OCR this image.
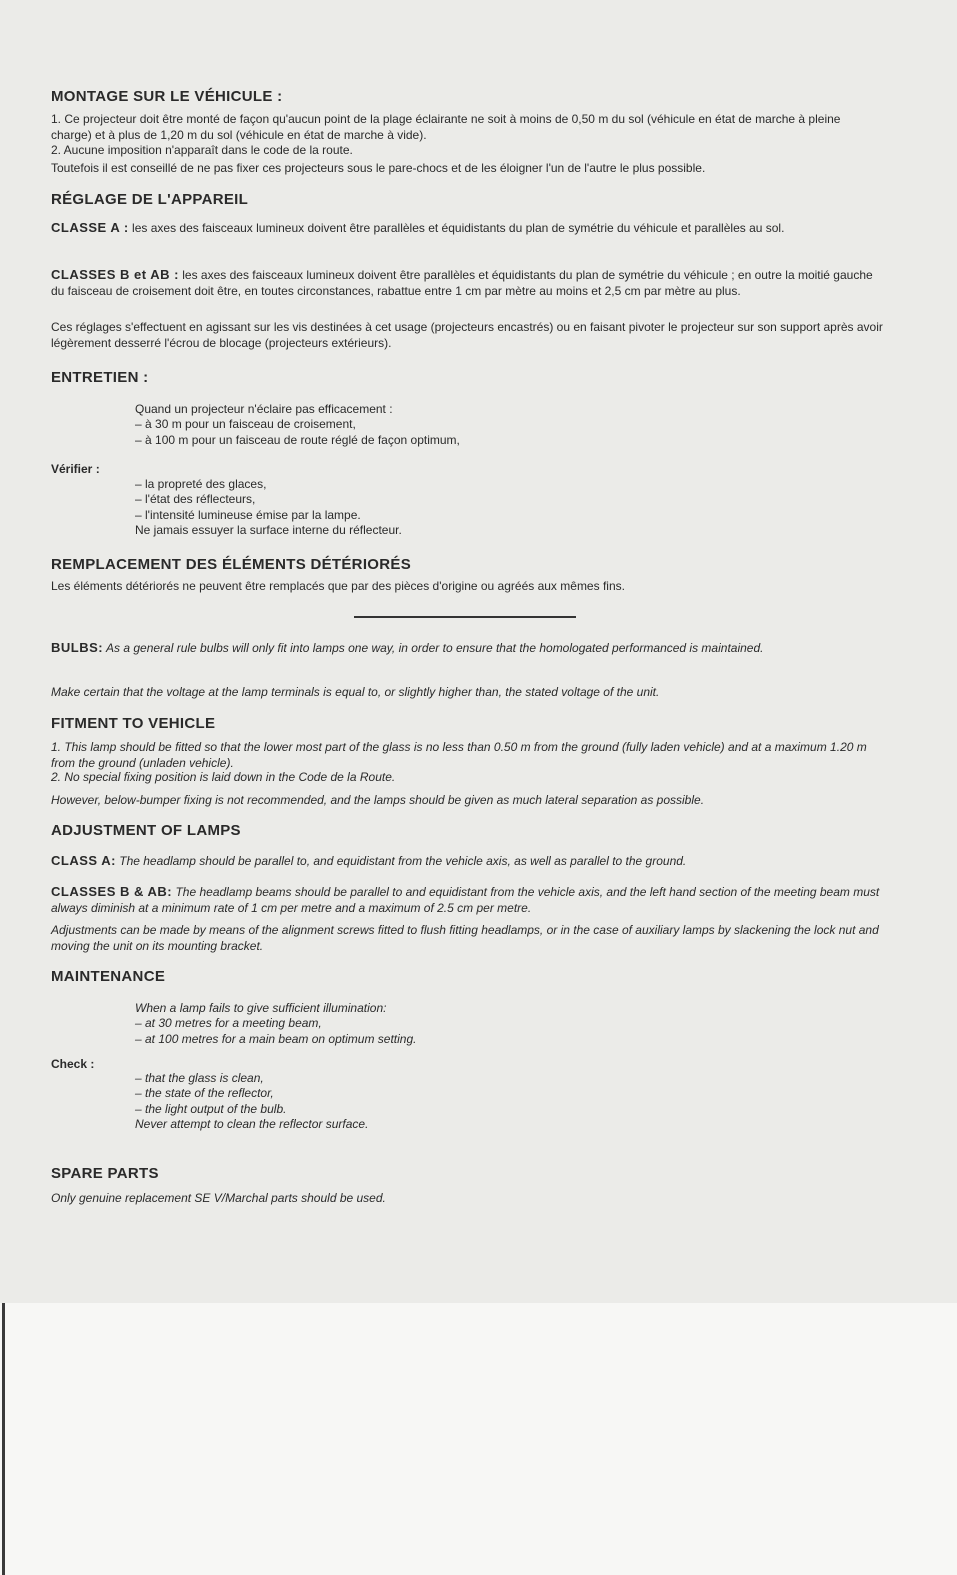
MONTAGE SUR LE VÉHICULE :

1. Ce projecteur doit être monté de façon qu'aucun point de la plage éclairante ne soit à moins de 0,50 m du sol (véhicule en état de marche à pleine charge) et à plus de 1,20 m du sol (véhicule en état de marche à vide).

2. Aucune imposition n'apparaît dans le code de la route.

Toutefois il est conseillé de ne pas fixer ces projecteurs sous le pare-chocs et de les éloigner l'un de l'autre le plus possible.

RÉGLAGE DE L'APPAREIL

CLASSE A : les axes des faisceaux lumineux doivent être parallèles et équidistants du plan de symétrie du véhicule et parallèles au sol.

CLASSES B et AB : les axes des faisceaux lumineux doivent être parallèles et équidistants du plan de symétrie du véhicule ; en outre la moitié gauche du faisceau de croisement doit être, en toutes circonstances, rabattue entre 1 cm par mètre au moins et 2,5 cm par mètre au plus.

Ces réglages s'effectuent en agissant sur les vis destinées à cet usage (projecteurs encastrés) ou en faisant pivoter le projecteur sur son support après avoir légèrement desserré l'écrou de blocage (projecteurs extérieurs).

ENTRETIEN :
Quand un projecteur n'éclaire pas efficacement :
– à 30 m pour un faisceau de croisement,
– à 100 m pour un faisceau de route réglé de façon optimum,
Vérifier :
– la propreté des glaces,
– l'état des réflecteurs,
– l'intensité lumineuse émise par la lampe.
Ne jamais essuyer la surface interne du réflecteur.
REMPLACEMENT DES ÉLÉMENTS DÉTÉRIORÉS

Les éléments détériorés ne peuvent être remplacés que par des pièces d'origine ou agréés aux mêmes fins.

BULBS: As a general rule bulbs will only fit into lamps one way, in order to ensure that the homologated performanced is maintained.

Make certain that the voltage at the lamp terminals is equal to, or slightly higher than, the stated voltage of the unit.

FITMENT TO VEHICLE

1. This lamp should be fitted so that the lower most part of the glass is no less than 0.50 m from the ground (fully laden vehicle) and at a maximum 1.20 m from the ground (unladen vehicle).

2. No special fixing position is laid down in the Code de la Route.

However, below-bumper fixing is not recommended, and the lamps should be given as much lateral separation as possible.

ADJUSTMENT OF LAMPS

CLASS A: The headlamp should be parallel to, and equidistant from the vehicle axis, as well as parallel to the ground.

CLASSES B & AB: The headlamp beams should be parallel to and equidistant from the vehicle axis, and the left hand section of the meeting beam must always diminish at a minimum rate of 1 cm per metre and a maximum of 2.5 cm per metre.

Adjustments can be made by means of the alignment screws fitted to flush fitting headlamps, or in the case of auxiliary lamps by slackening the lock nut and moving the unit on its mounting bracket.

MAINTENANCE
When a lamp fails to give sufficient illumination:
– at 30 metres for a meeting beam,
– at 100 metres for a main beam on optimum setting.
Check :
– that the glass is clean,
– the state of the reflector,
– the light output of the bulb.
Never attempt to clean the reflector surface.
SPARE PARTS

Only genuine replacement SE V/Marchal parts should be used.
